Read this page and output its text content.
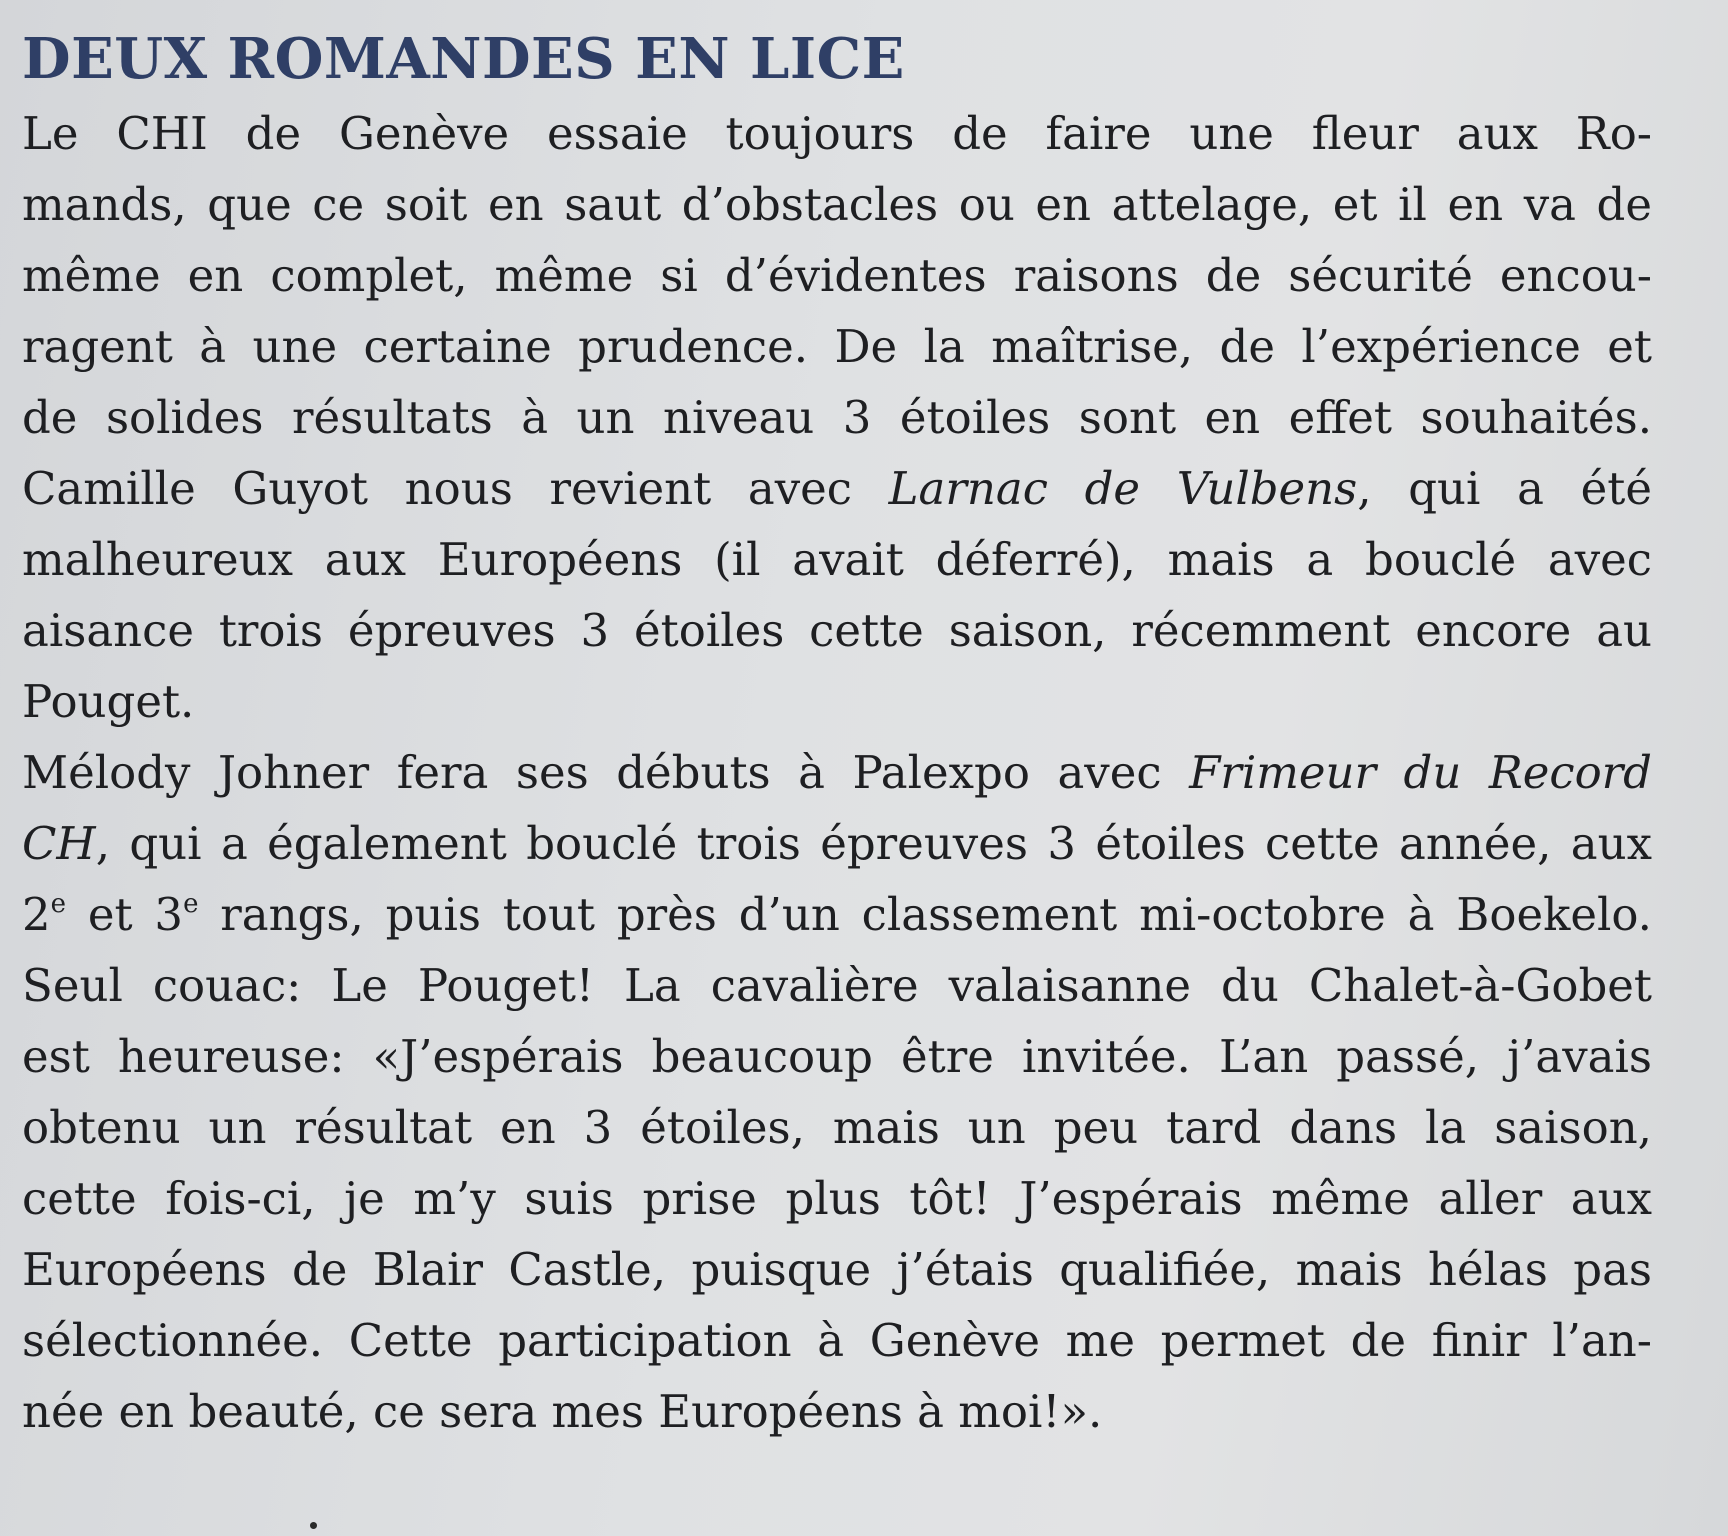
DEUX ROMANDES EN LICE
Le CHI de Genève essaie toujours de faire une fleur aux Ro-
mands, que ce soit en saut d’obstacles ou en attelage, et il en va de
même en complet, même si d’évidentes raisons de sécurité encou-
ragent à une certaine prudence. De la maîtrise, de l’expérience et
de solides résultats à un niveau 3 étoiles sont en effet souhaités.
Camille Guyot nous revient avec Larnac de Vulbens, qui a été
malheureux aux Européens (il avait déferré), mais a bouclé avec
aisance trois épreuves 3 étoiles cette saison, récemment encore au
Pouget.
Mélody Johner fera ses débuts à Palexpo avec Frimeur du Record
CH, qui a également bouclé trois épreuves 3 étoiles cette année, aux
2e et 3e rangs, puis tout près d’un classement mi-octobre à Boekelo.
Seul couac: Le Pouget! La cavalière valaisanne du Chalet-à-Gobet
est heureuse: «J’espérais beaucoup être invitée. L’an passé, j’avais
obtenu un résultat en 3 étoiles, mais un peu tard dans la saison,
cette fois-ci, je m’y suis prise plus tôt! J’espérais même aller aux
Européens de Blair Castle, puisque j’étais qualifiée, mais hélas pas
sélectionnée. Cette participation à Genève me permet de finir l’an-
née en beauté, ce sera mes Européens à moi!».
